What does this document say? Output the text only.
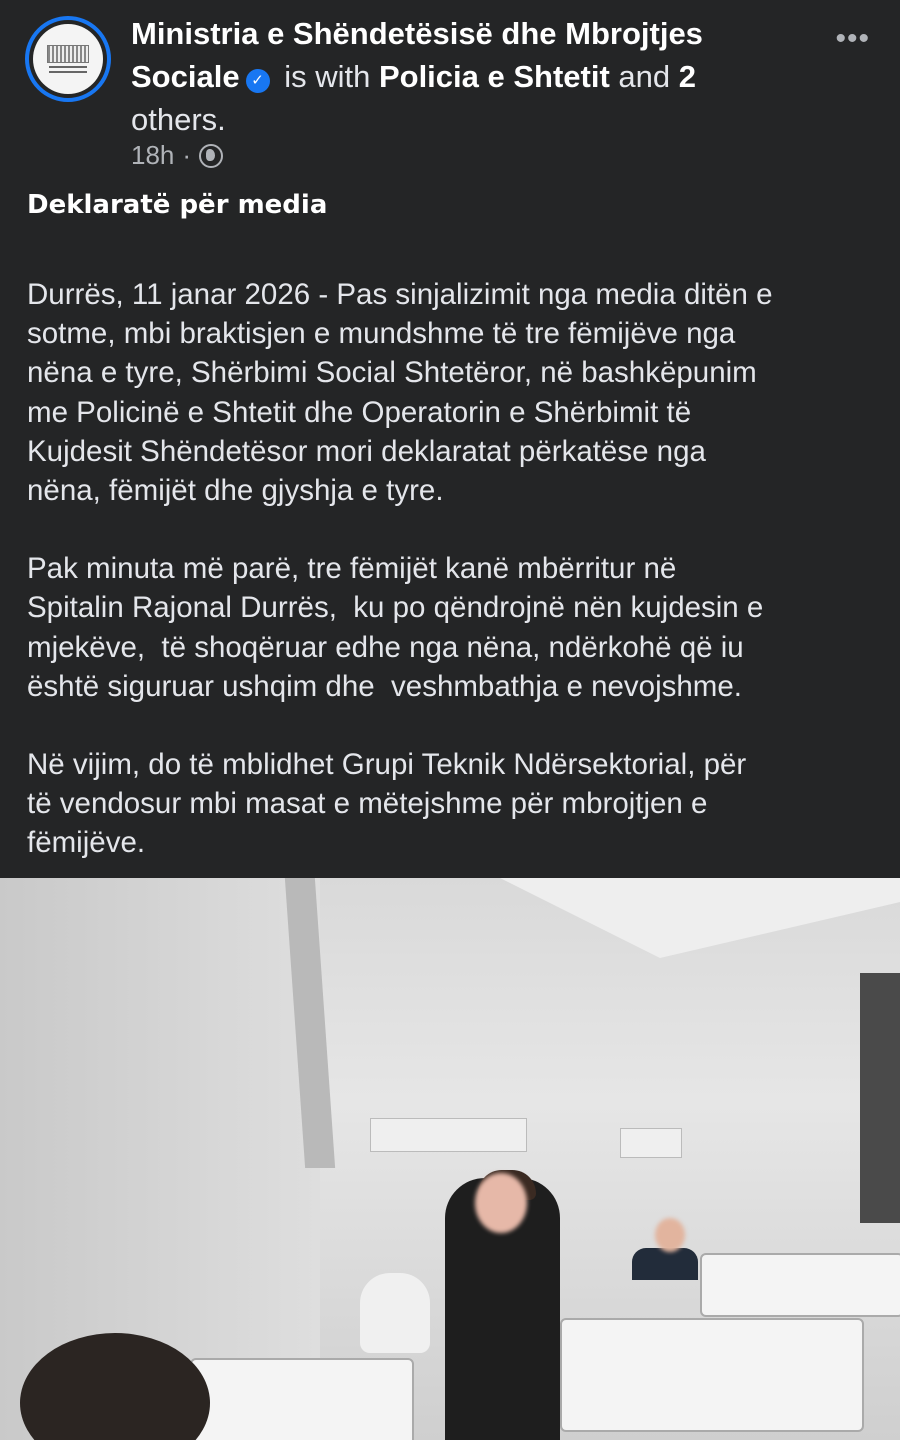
Ministria e Shëndetësisë dhe Mbrojtjes
Sociale ✓ is with Policia e Shtetit and 2
others.
18h ·
•••
Deklaratë për media
Durrës, 11 janar 2026 - Pas sinjalizimit nga media ditën e
sotme, mbi braktisjen e mundshme të tre fëmijëve nga
nëna e tyre, Shërbimi Social Shtetëror, në bashkëpunim
me Policinë e Shtetit dhe Operatorin e Shërbimit të
Kujdesit Shëndetësor mori deklaratat përkatëse nga
nëna, fëmijët dhe gjyshja e tyre.
Pak minuta më parë, tre fëmijët kanë mbërritur në
Spitalin Rajonal Durrës,  ku po qëndrojnë nën kujdesin e
mjekëve,  të shoqëruar edhe nga nëna, ndërkohë që iu
është siguruar ushqim dhe  veshmbathja e nevojshme.
Në vijim, do të mblidhet Grupi Teknik Ndërsektorial, për
të vendosur mbi masat e mëtejshme për mbrojtjen e
fëmijëve.
